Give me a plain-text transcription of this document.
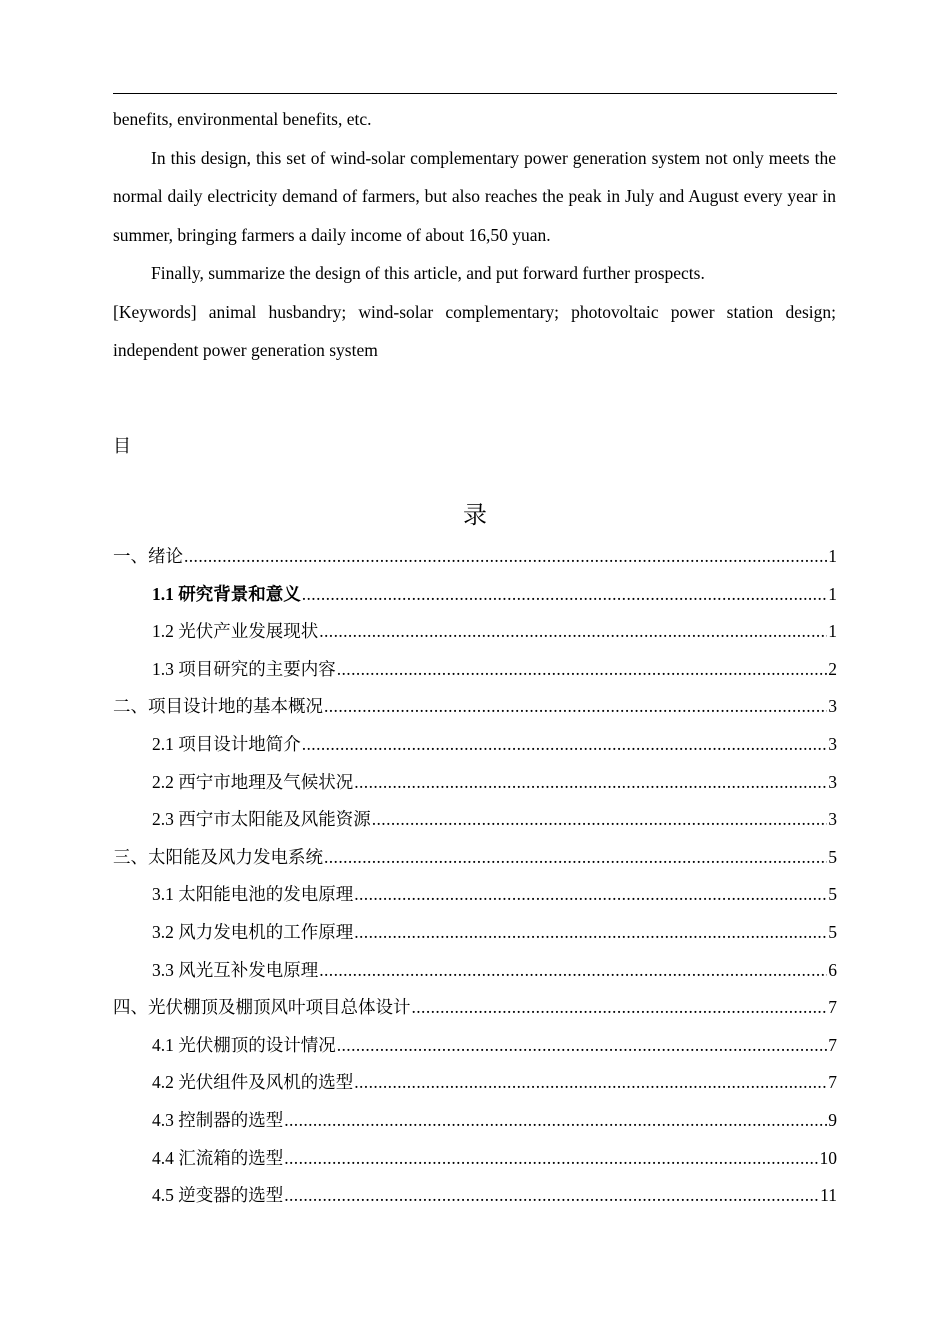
benefits, environmental benefits, etc.

In this design, this set of wind-solar complementary power generation system not only meets the normal daily electricity demand of farmers, but also reaches the peak in July and August every year in summer, bringing farmers a daily income of about 16,50 yuan.

Finally, summarize the design of this article, and put forward further prospects.

[Keywords] animal husbandry; wind-solar complementary; photovoltaic power station design; independent power generation system

目
录
一、绪论 .....	1
1.1 研究背景和意义 .....	1
1.2 光伏产业发展现状 .....	1
1.3 项目研究的主要内容 .....	2
二、项目设计地的基本概况 .....	3
2.1 项目设计地简介 .....	3
2.2 西宁市地理及气候状况 .....	3
2.3 西宁市太阳能及风能资源 .....	3
三、太阳能及风力发电系统 .....	5
3.1 太阳能电池的发电原理 .....	5
3.2 风力发电机的工作原理 .....	5
3.3 风光互补发电原理 .....	6
四、光伏棚顶及棚顶风叶项目总体设计 .....	7
4.1 光伏棚顶的设计情况 .....	7
4.2 光伏组件及风机的选型 .....	7
4.3 控制器的选型 .....	9
4.4 汇流箱的选型 .....	10
4.5 逆变器的选型 .....	11
